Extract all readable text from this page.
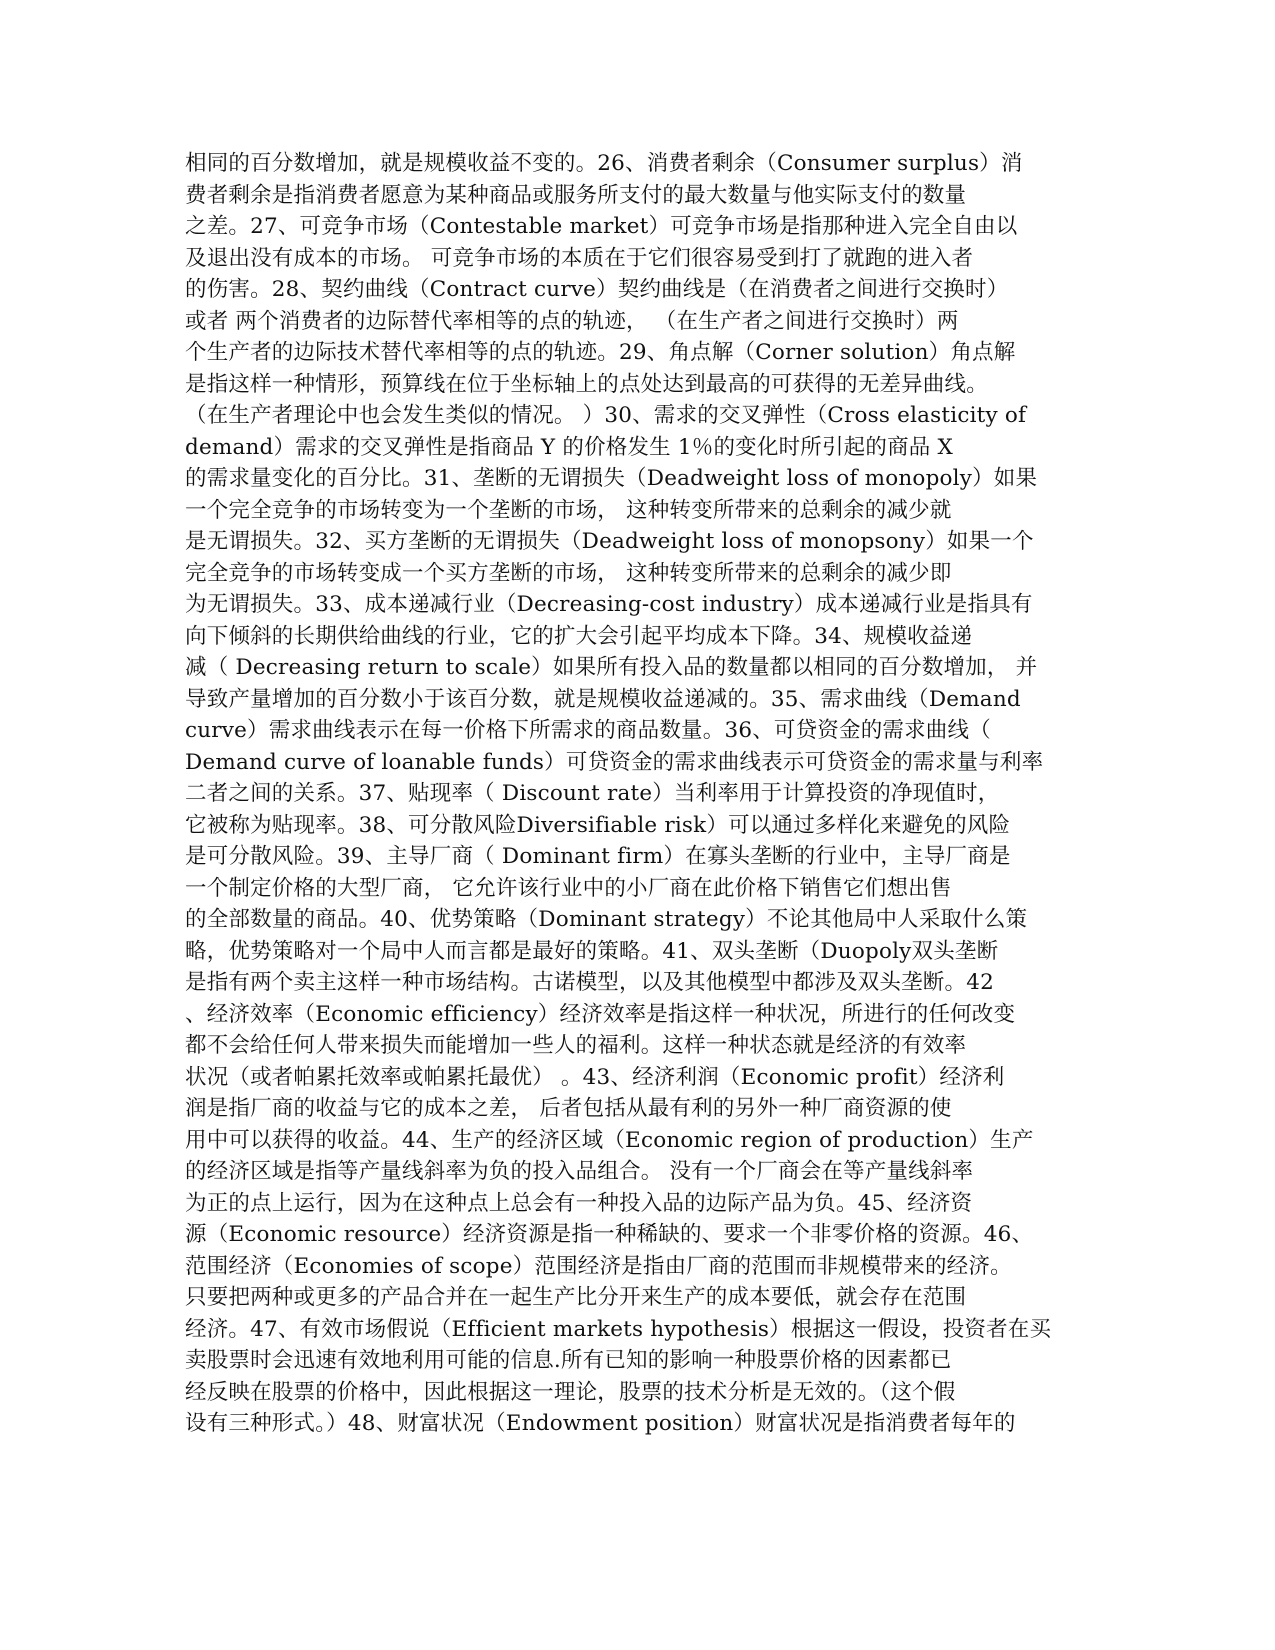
相同的百分数增加，就是规模收益不变的。26、消费者剩余（Consumer surplus）消
费者剩余是指消费者愿意为某种商品或服务所支付的最大数量与他实际支付的数量
之差。27、可竞争市场（Contestable market）可竞争市场是指那种进入完全自由以
及退出没有成本的市场。 可竞争市场的本质在于它们很容易受到打了就跑的进入者
的伤害。28、契约曲线（Contract curve）契约曲线是（在消费者之间进行交换时）
或者 两个消费者的边际替代率相等的点的轨迹， （在生产者之间进行交换时）两
个生产者的边际技术替代率相等的点的轨迹。29、角点解（Corner solution）角点解
是指这样一种情形，预算线在位于坐标轴上的点处达到最高的可获得的无差异曲线。
（在生产者理论中也会发生类似的情况。 ）30、需求的交叉弹性（Cross elasticity of
demand）需求的交叉弹性是指商品 Y 的价格发生 1％的变化时所引起的商品 X
的需求量变化的百分比。31、垄断的无谓损失（Deadweight loss of monopoly）如果
一个完全竞争的市场转变为一个垄断的市场， 这种转变所带来的总剩余的减少就
是无谓损失。32、买方垄断的无谓损失（Deadweight loss of monopsony）如果一个
完全竞争的市场转变成一个买方垄断的市场， 这种转变所带来的总剩余的减少即
为无谓损失。33、成本递减行业（Decreasing-cost industry）成本递减行业是指具有
向下倾斜的长期供给曲线的行业，它的扩大会引起平均成本下降。34、规模收益递
减（ Decreasing return to scale）如果所有投入品的数量都以相同的百分数增加， 并
导致产量增加的百分数小于该百分数，就是规模收益递减的。35、需求曲线（Demand
curve）需求曲线表示在每一价格下所需求的商品数量。36、可贷资金的需求曲线（
Demand curve of loanable funds）可贷资金的需求曲线表示可贷资金的需求量与利率
二者之间的关系。37、贴现率（ Discount rate）当利率用于计算投资的净现值时，
它被称为贴现率。38、可分散风险Diversifiable risk）可以通过多样化来避免的风险
是可分散风险。39、主导厂商（ Dominant firm）在寡头垄断的行业中，主导厂商是
一个制定价格的大型厂商， 它允许该行业中的小厂商在此价格下销售它们想出售
的全部数量的商品。40、优势策略（Dominant strategy）不论其他局中人采取什么策
略，优势策略对一个局中人而言都是最好的策略。41、双头垄断（Duopoly双头垄断
是指有两个卖主这样一种市场结构。古诺模型，以及其他模型中都涉及双头垄断。42
、经济效率（Economic efficiency）经济效率是指这样一种状况，所进行的任何改变
都不会给任何人带来损失而能增加一些人的福利。这样一种状态就是经济的有效率
状况（或者帕累托效率或帕累托最优） 。43、经济利润（Economic profit）经济利
润是指厂商的收益与它的成本之差， 后者包括从最有利的另外一种厂商资源的使
用中可以获得的收益。44、生产的经济区域（Economic region of production）生产
的经济区域是指等产量线斜率为负的投入品组合。 没有一个厂商会在等产量线斜率
为正的点上运行，因为在这种点上总会有一种投入品的边际产品为负。45、经济资
源（Economic resource）经济资源是指一种稀缺的、要求一个非零价格的资源。46、
范围经济（Economies of scope）范围经济是指由厂商的范围而非规模带来的经济。
只要把两种或更多的产品合并在一起生产比分开来生产的成本要低，就会存在范围
经济。47、有效市场假说（Efficient markets hypothesis）根据这一假设，投资者在买
卖股票时会迅速有效地利用可能的信息.所有已知的影响一种股票价格的因素都已
经反映在股票的价格中，因此根据这一理论，股票的技术分析是无效的。（这个假
设有三种形式。）48、财富状况（Endowment position）财富状况是指消费者每年的
